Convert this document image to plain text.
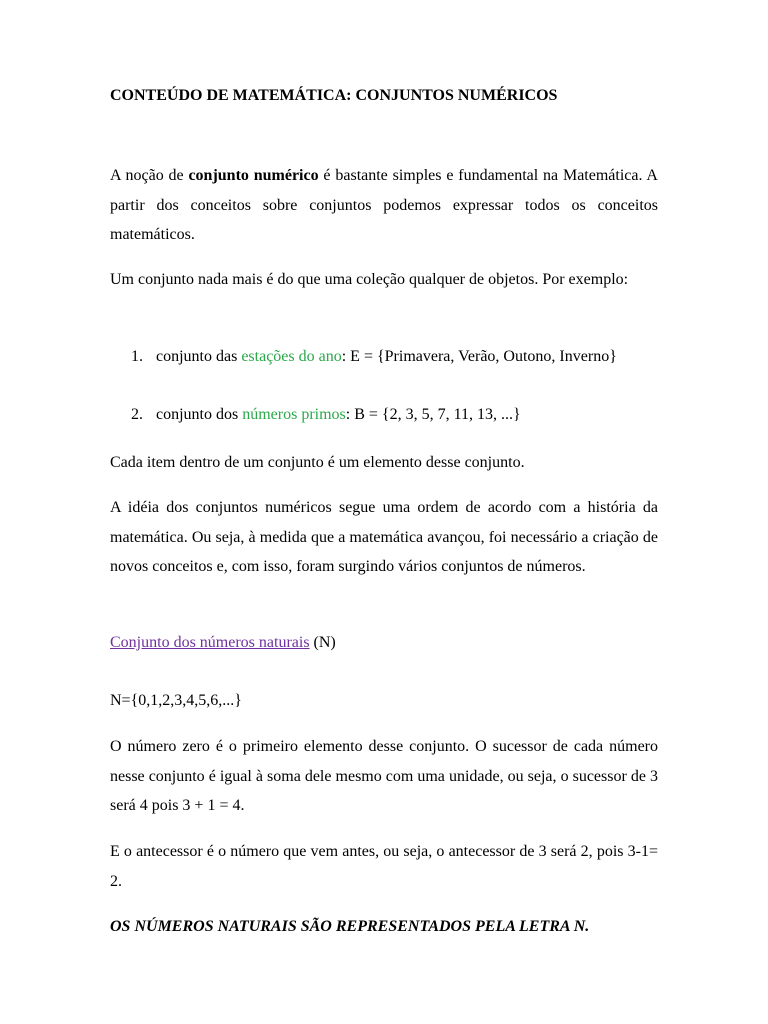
CONTEÚDO DE MATEMÁTICA: CONJUNTOS NUMÉRICOS

A noção de conjunto numérico é bastante simples e fundamental na Matemática. A partir dos conceitos sobre conjuntos podemos expressar todos os conceitos matemáticos.

Um conjunto nada mais é do que uma coleção qualquer de objetos. Por exemplo:

1. conjunto das estações do ano: E = {Primavera, Verão, Outono, Inverno}
2. conjunto dos números primos: B = {2, 3, 5, 7, 11, 13, ...}

Cada item dentro de um conjunto é um elemento desse conjunto.

A idéia dos conjuntos numéricos segue uma ordem de acordo com a história da matemática. Ou seja, à medida que a matemática avançou, foi necessário a criação de novos conceitos e, com isso, foram surgindo vários conjuntos de números.

Conjunto dos números naturais (N)

N={0,1,2,3,4,5,6,...}

O número zero é o primeiro elemento desse conjunto. O sucessor de cada número nesse conjunto é igual à soma dele mesmo com uma unidade, ou seja, o sucessor de 3 será 4 pois 3 + 1 = 4.

E o antecessor é o número que vem antes, ou seja, o antecessor de 3 será 2, pois 3-1= 2.

OS NÚMEROS NATURAIS SÃO REPRESENTADOS PELA LETRA N.
